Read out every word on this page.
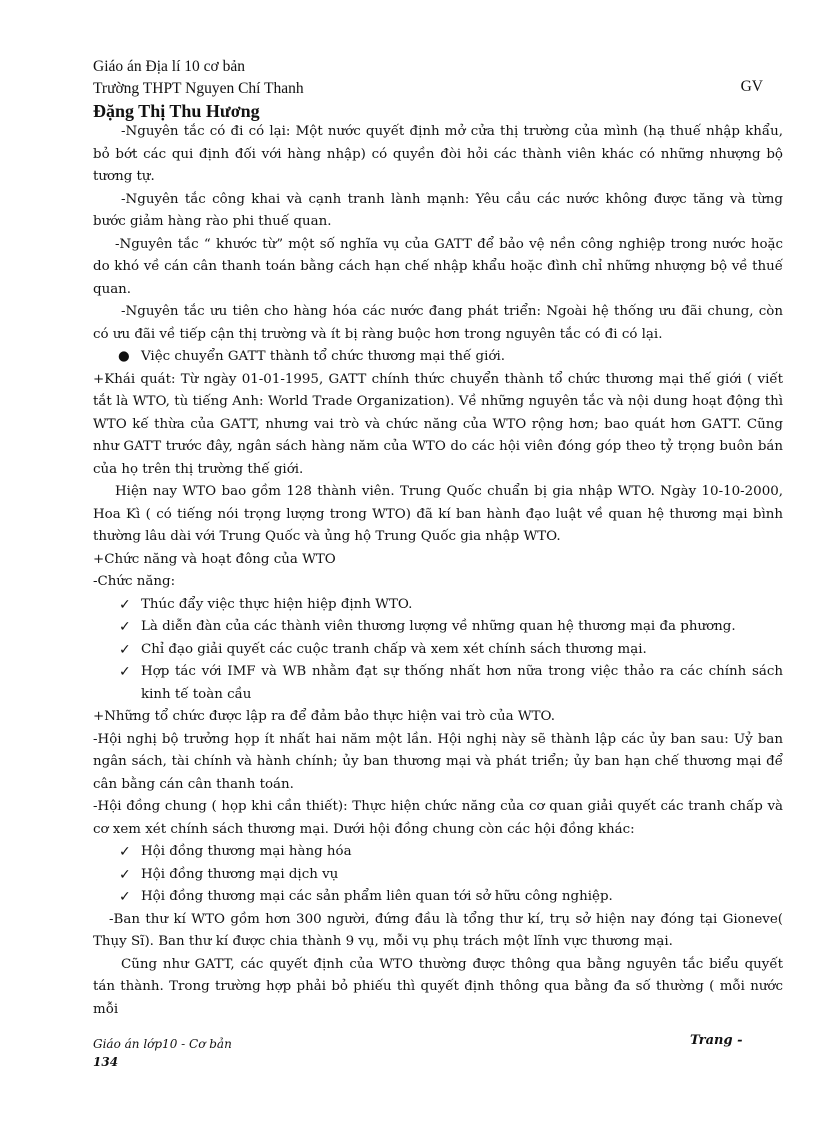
Giáo án Địa lí 10 cơ bản
Trường THPT Nguyen Chí Thanh	GV
Đặng Thị Thu Hương

-Nguyên tắc có đi có lại: Một nước quyết định mở cửa thị trường của mình (hạ thuế nhập khẩu, bỏ bớt các qui định đối với hàng nhập) có quyền đòi hỏi các thành viên khác có những nhượng bộ tương tự.

-Nguyên tắc công khai và cạnh tranh lành mạnh: Yêu cầu các nước không được tăng và từng bước giảm hàng rào phi thuế quan.

-Nguyên tắc “ khước từ” một số nghĩa vụ của GATT để bảo vệ nền công nghiệp trong nước hoặc do khó về cán cân thanh toán bằng cách hạn chế nhập khẩu hoặc đình chỉ những nhượng bộ về thuế quan.

-Nguyên tắc ưu tiên cho hàng hóa các nước đang phát triển: Ngoài hệ thống ưu đãi chung, còn có ưu đãi về tiếp cận thị trường và ít bị ràng buộc hơn trong nguyên tắc có đi có lại.

● Việc chuyển GATT thành tổ chức thương mại thế giới.

+Khái quát: Từ ngày 01-01-1995, GATT chính thức chuyển thành tổ chức thương mại thế giới ( viết tắt là WTO, tù tiếng Anh: World Trade Organization). Về những nguyên tắc và nội dung hoạt động thì WTO kế thừa của GATT, nhưng vai trò và chức năng của WTO rộng hơn; bao quát hơn GATT. Cũng như GATT trước đây, ngân sách hàng năm của WTO do các hội viên đóng góp theo tỷ trọng buôn bán của họ trên thị trường thế giới.

Hiện nay WTO bao gồm 128 thành viên. Trung Quốc chuẩn bị gia nhập WTO. Ngày 10-10-2000, Hoa Kì ( có tiếng nói trọng lượng trong WTO) đã kí ban hành đạo luật về quan hệ thương mại bình thường lâu dài với Trung Quốc và ủng hộ Trung Quốc gia nhập WTO.

+Chức năng và hoạt đông của WTO

-Chức năng:

✓ Thúc đẩy việc thực hiện hiệp định WTO.

✓ Là diễn đàn của các thành viên thương lượng về những quan hệ thương mại đa phương.

✓ Chỉ đạo giải quyết các cuộc tranh chấp và xem xét chính sách thương mại.

✓ Hợp tác với IMF và WB nhằm đạt sự thống nhất hơn nữa trong việc thảo ra các chính sách kinh tế toàn cầu

+Những tổ chức được lập ra để đảm bảo thực hiện vai trò của WTO.

-Hội nghị bộ trưởng họp ít nhất hai năm một lần. Hội nghị này sẽ thành lập các ủy ban sau: Uỷ ban ngân sách, tài chính và hành chính; ủy ban thương mại và phát triển; ủy ban hạn chế thương mại để cân bằng cán cân thanh toán.

-Hội đồng chung ( họp khi cần thiết): Thực hiện chức năng của cơ quan giải quyết các tranh chấp và cơ xem xét chính sách thương mại. Dưới hội đồng chung còn các hội đồng khác:

✓ Hội đồng thương mại hàng hóa

✓ Hội đồng thương mại dịch vụ

✓ Hội đồng thương mại các sản phẩm liên quan tới sở hữu công nghiệp.

-Ban thư kí WTO gồm hơn 300 người, đứng đầu là tổng thư kí, trụ sở hiện nay đóng tại Gioneve( Thụy Sĩ). Ban thư kí được chia thành 9 vụ, mỗi vụ phụ trách một lĩnh vực thương mại.

Cũng như GATT, các quyết định của WTO thường được thông qua bằng nguyên tắc biểu quyết tán thành. Trong trường hợp phải bỏ phiếu thì quyết định thông qua bằng đa số thường ( mỗi nước mỗi

Giáo án lớp10 - Cơ bản
134
Trang -
